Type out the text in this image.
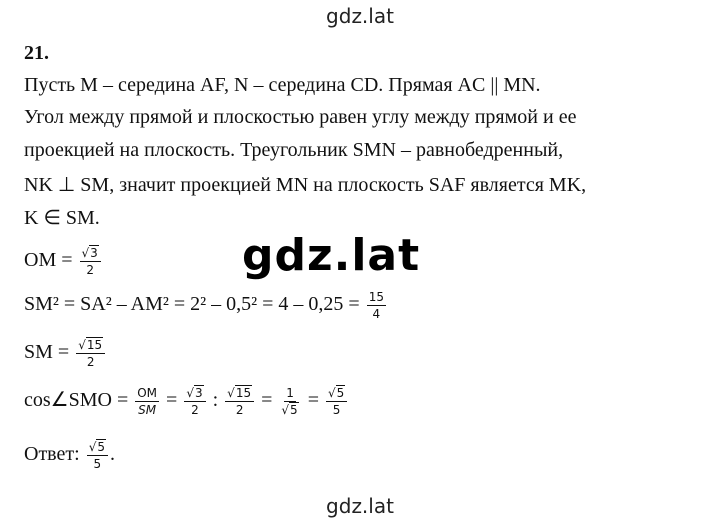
gdz.lat
21.
Пусть M – середина AF, N – середина CD. Прямая AC || MN.
Угол между прямой и плоскостью равен углу между прямой и ее
проекцией на плоскость. Треугольник SMN – равнобедренный,
NK ⊥ SM, значит проекцией MN на плоскость SAF является MK,
K ∈ SM.
gdz.lat
OM = $\frac{√3}{2}$
$SM^2 = SA^2 - AM^2 = 2^2 - 0,5^2 = 4 - 0,25 = \frac{15}{4}$
SM = $\frac{√15}{2}$
cos∠SMO = $\frac{OM}{SM} = \frac{√3}{2}$ : $\frac{√15}{2} = \frac{1}{√5} = \frac{√5}{5}$
Ответ: $\frac{√5}{5}$ .
gdz.lat
